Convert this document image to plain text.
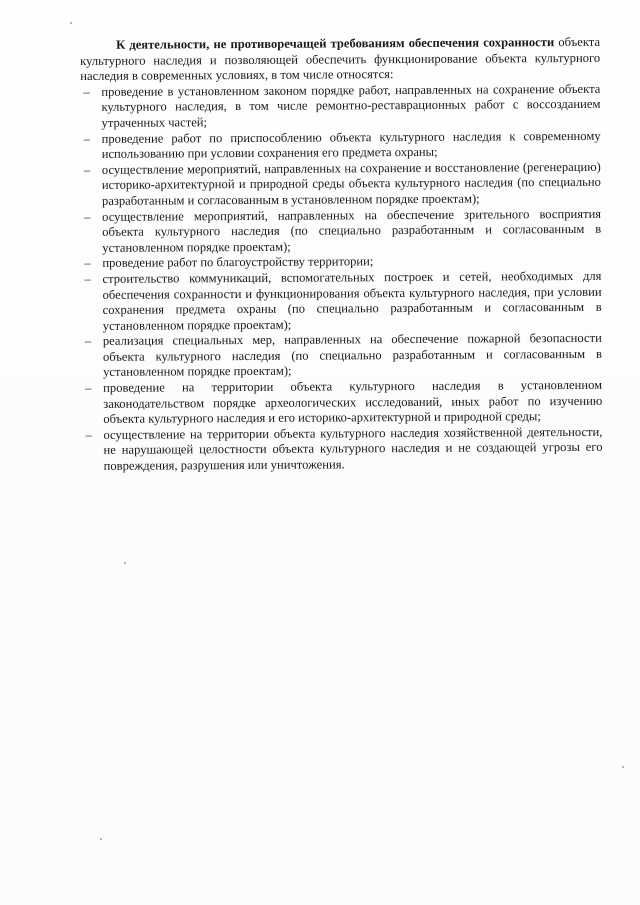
К деятельности, не противоречащей требованиям обеспечения сохранности объекта культурного наследия и позволяющей обеспечить функционирование объекта культурного наследия в современных условиях, в том числе относятся:

– проведение в установленном законом порядке работ, направленных на сохранение объекта культурного наследия, в том числе ремонтно-реставрационных работ с воссозданием утраченных частей;
– проведение работ по приспособлению объекта культурного наследия к современному использованию при условии сохранения его предмета охраны;
– осуществление мероприятий, направленных на сохранение и восстановление (регенерацию) историко-архитектурной и природной среды объекта культурного наследия (по специально разработанным и согласованным в установленном порядке проектам);
– осуществление мероприятий, направленных на обеспечение зрительного восприятия объекта культурного наследия (по специально разработанным и согласованным в установленном порядке проектам);
– проведение работ по благоустройству территории;
– строительство коммуникаций, вспомогательных построек и сетей, необходимых для обеспечения сохранности и функционирования объекта культурного наследия, при условии сохранения предмета охраны (по специально разработанным и согласованным в установленном порядке проектам);
– реализация специальных мер, направленных на обеспечение пожарной безопасности объекта культурного наследия (по специально разработанным и согласованным в установленном порядке проектам);
– проведение на территории объекта культурного наследия в установленном законодательством порядке археологических исследований, иных работ по изучению объекта культурного наследия и его историко-архитектурной и природной среды;
– осуществление на территории объекта культурного наследия хозяйственной деятельности, не нарушающей целостности объекта культурного наследия и не создающей угрозы его повреждения, разрушения или уничтожения.
